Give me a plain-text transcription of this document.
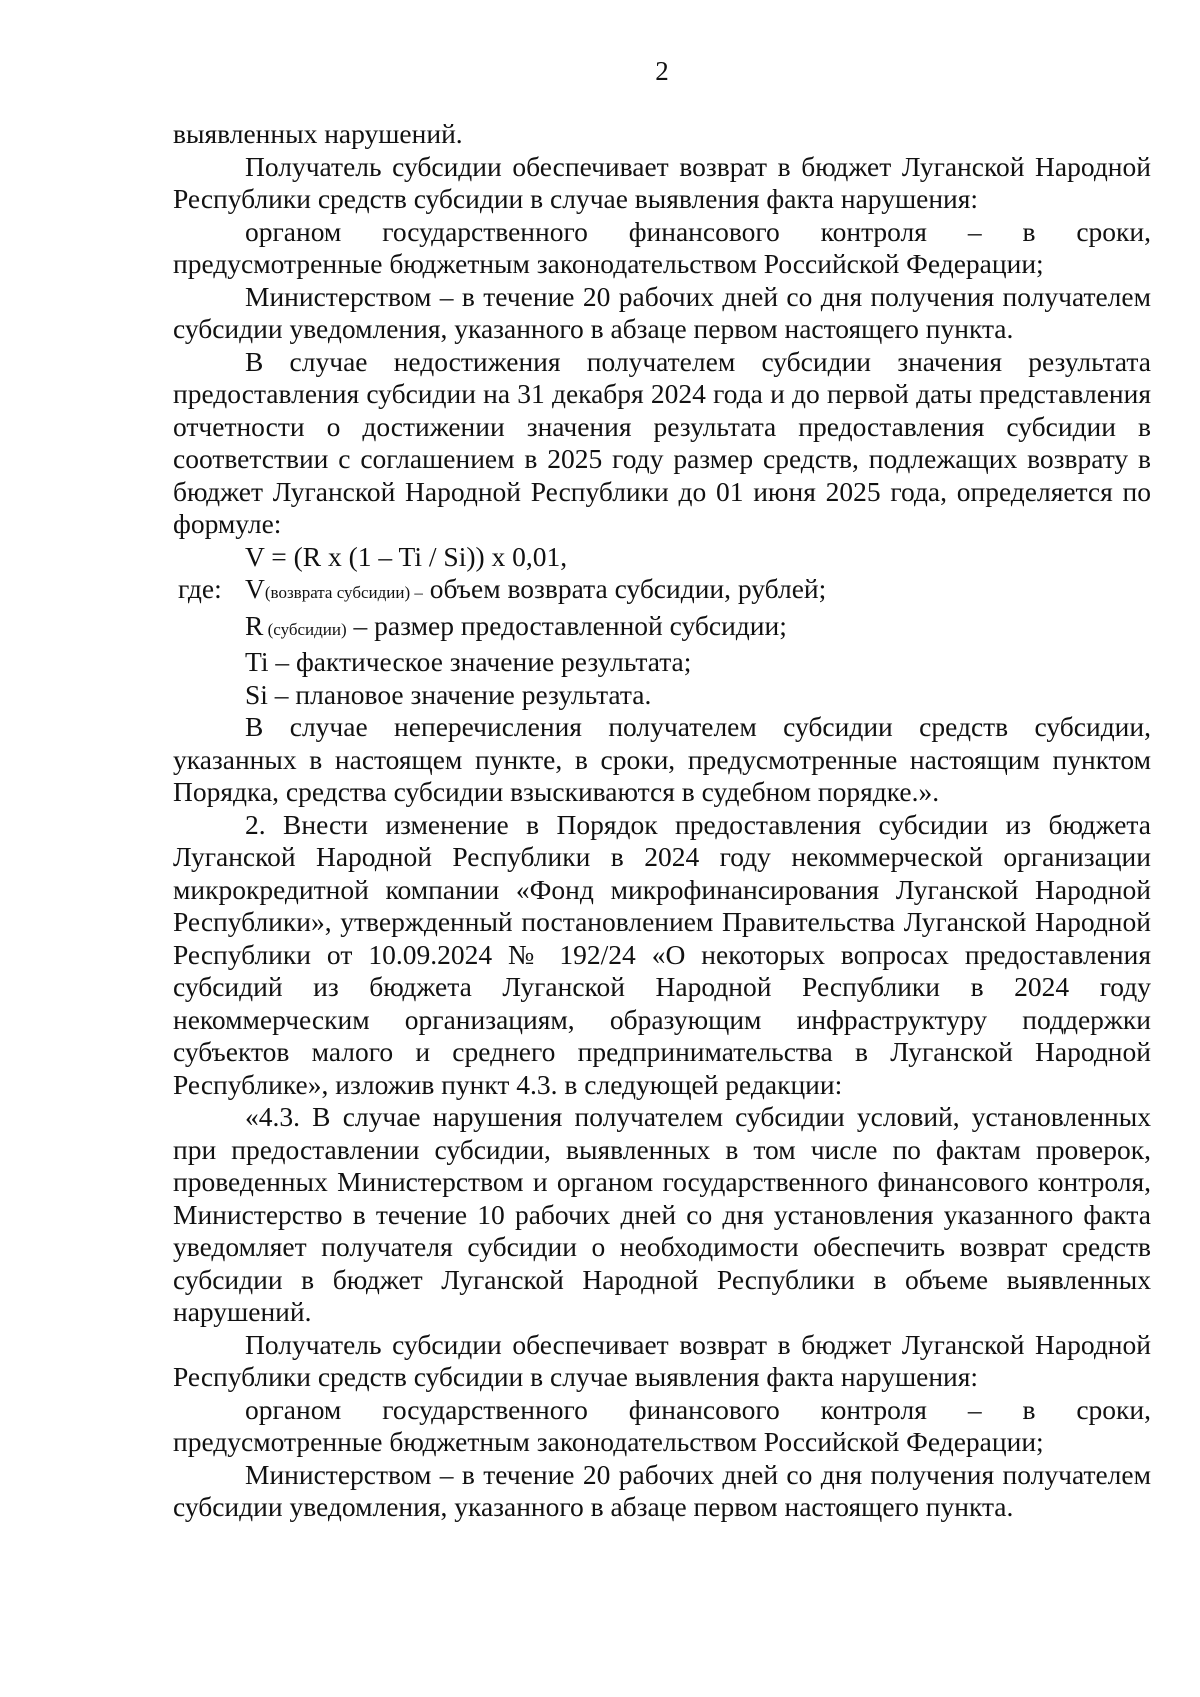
2

выявленных нарушений.

Получатель субсидии обеспечивает возврат в бюджет Луганской Народной Республики средств субсидии в случае выявления факта нарушения:

органом государственного финансового контроля – в сроки, предусмотренные бюджетным законодательством Российской Федерации;

Министерством – в течение 20 рабочих дней со дня получения получателем субсидии уведомления, указанного в абзаце первом настоящего пункта.

В случае недостижения получателем субсидии значения результата предоставления субсидии на 31 декабря 2024 года и до первой даты представления отчетности о достижении значения результата предоставления субсидии в соответствии с соглашением в 2025 году размер средств, подлежащих возврату в бюджет Луганской Народной Республики до 01 июня 2025 года, определяется по формуле:

V = (R x (1 – Ti / Si)) x 0,01,

где: V(возврата субсидии) – объем возврата субсидии, рублей;

R (субсидии) – размер предоставленной субсидии;

Ti – фактическое значение результата;

Si – плановое значение результата.

В случае неперечисления получателем субсидии средств субсидии, указанных в настоящем пункте, в сроки, предусмотренные настоящим пунктом Порядка, средства субсидии взыскиваются в судебном порядке.».

2. Внести изменение в Порядок предоставления субсидии из бюджета Луганской Народной Республики в 2024 году некоммерческой организации микрокредитной компании «Фонд микрофинансирования Луганской Народной Республики», утвержденный постановлением Правительства Луганской Народной Республики от 10.09.2024 № 192/24 «О некоторых вопросах предоставления субсидий из бюджета Луганской Народной Республики в 2024 году некоммерческим организациям, образующим инфраструктуру поддержки субъектов малого и среднего предпринимательства в Луганской Народной Республике», изложив пункт 4.3. в следующей редакции:

«4.3. В случае нарушения получателем субсидии условий, установленных при предоставлении субсидии, выявленных в том числе по фактам проверок, проведенных Министерством и органом государственного финансового контроля, Министерство в течение 10 рабочих дней со дня установления указанного факта уведомляет получателя субсидии о необходимости обеспечить возврат средств субсидии в бюджет Луганской Народной Республики в объеме выявленных нарушений.

Получатель субсидии обеспечивает возврат в бюджет Луганской Народной Республики средств субсидии в случае выявления факта нарушения:

органом государственного финансового контроля – в сроки, предусмотренные бюджетным законодательством Российской Федерации;

Министерством – в течение 20 рабочих дней со дня получения получателем субсидии уведомления, указанного в абзаце первом настоящего пункта.
